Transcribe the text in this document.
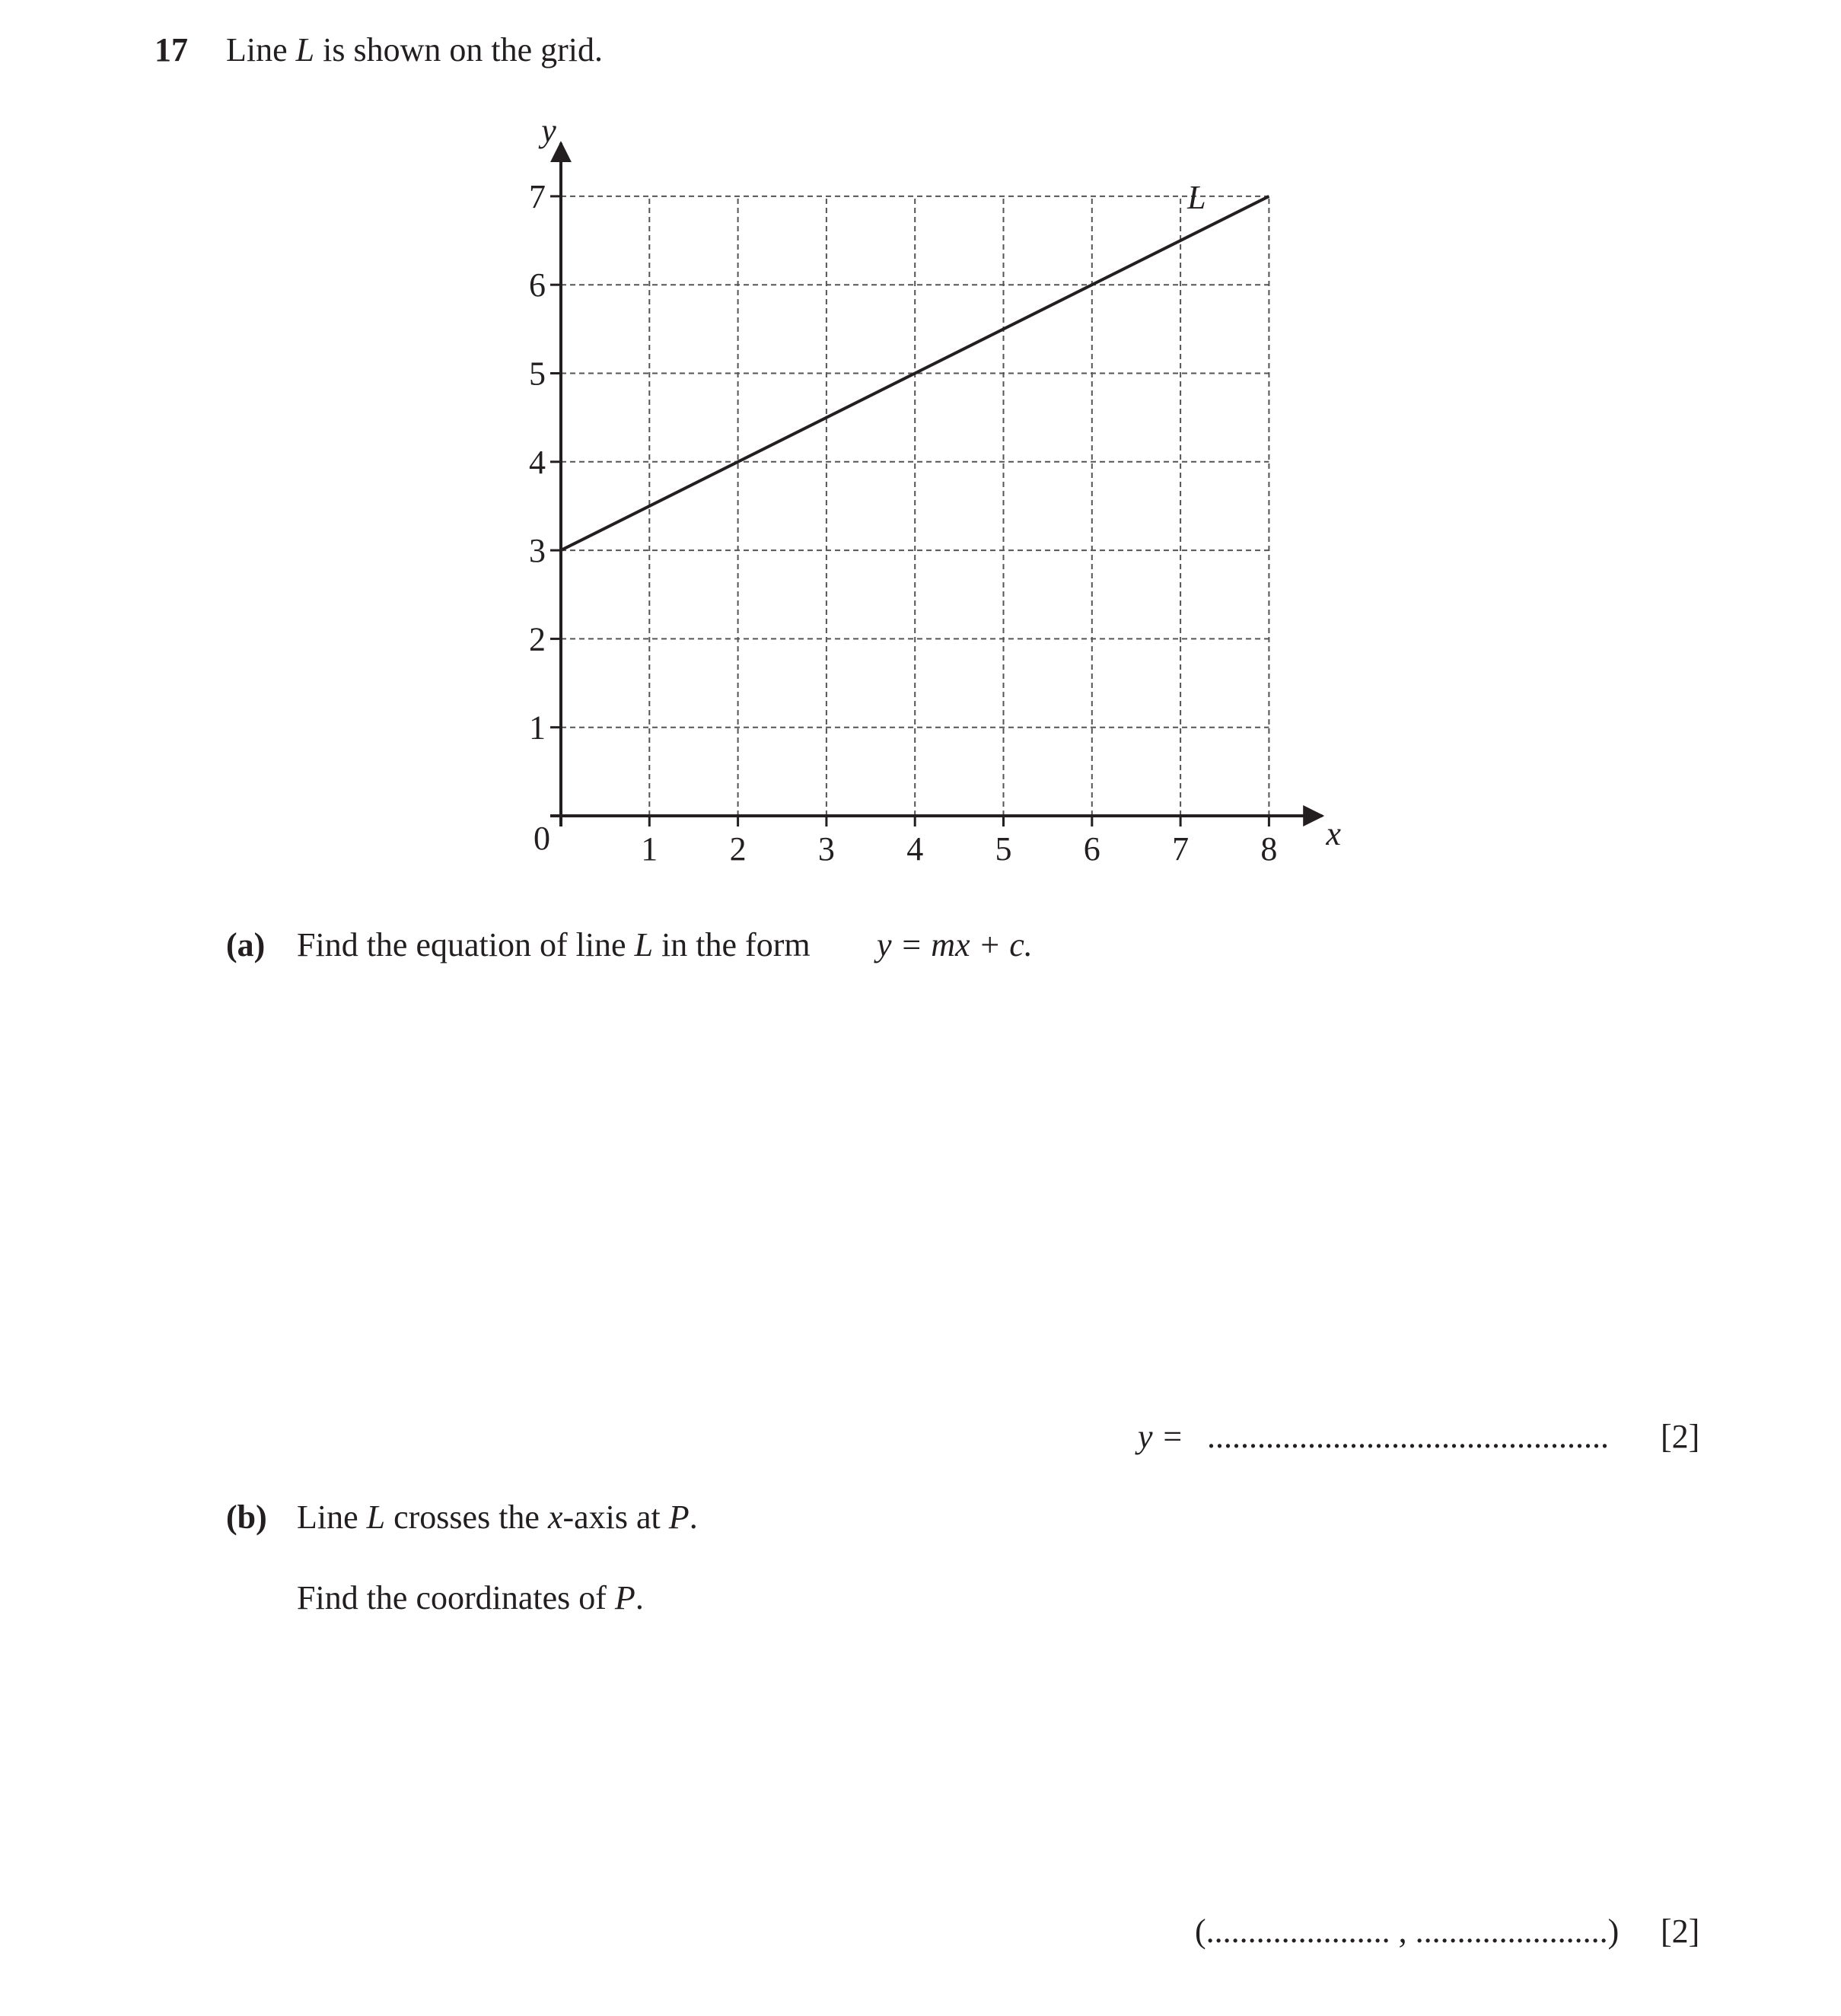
17 Line L is shown on the grid.
1 2 3 4 5 6 7 8
1
2
3
4
5
6
7
0	x
y
L
(a) Find the equation of line L in the form y = mx + c.
y = ................................................ [2]
(b) Line L crosses the x-axis at P.
Find the coordinates of P.
(...................... , .......................) [2]
